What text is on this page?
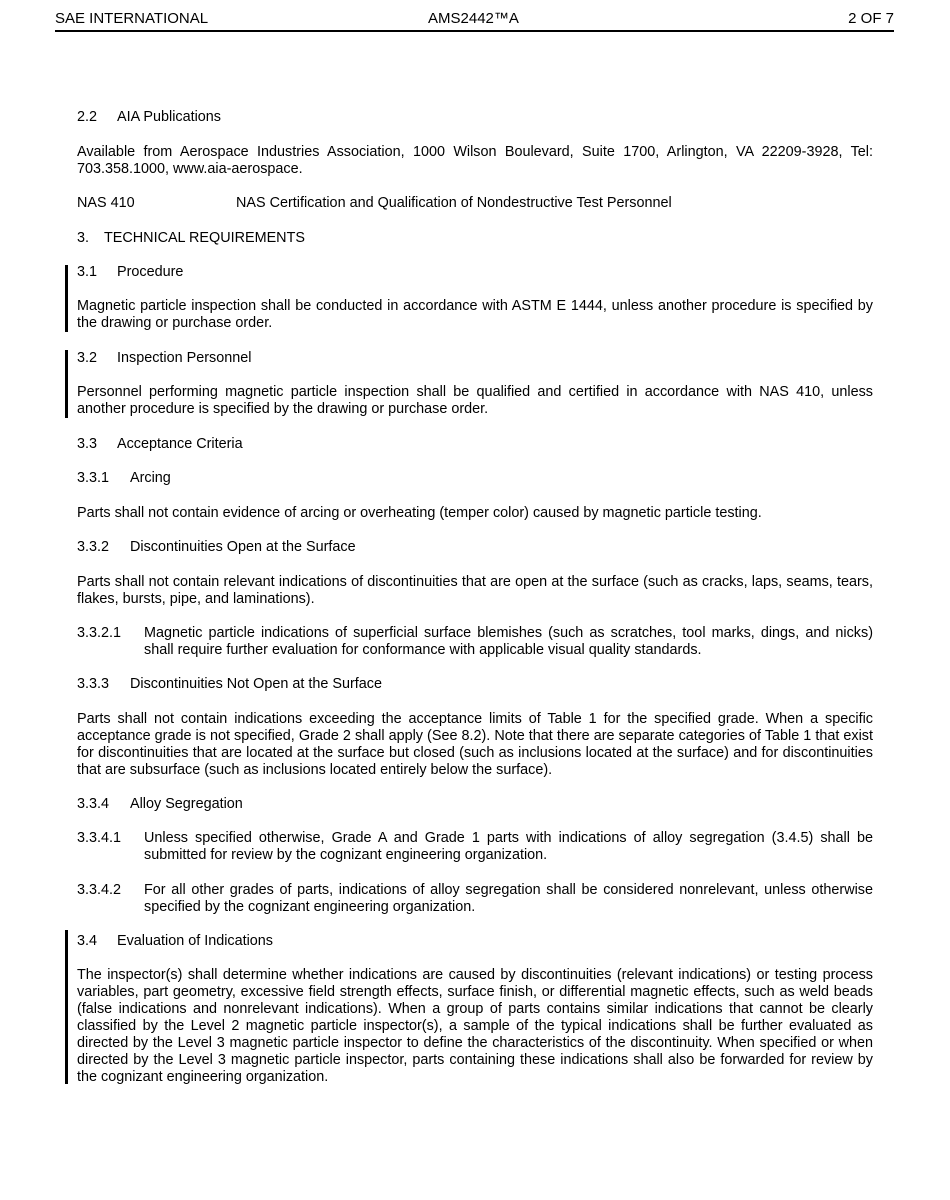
SAE INTERNATIONAL	AMS2442™A	2 OF 7
2.2 AIA Publications
Available from Aerospace Industries Association, 1000 Wilson Boulevard, Suite 1700, Arlington, VA 22209-3928, Tel: 703.358.1000, www.aia-aerospace.
NAS 410	NAS Certification and Qualification of Nondestructive Test Personnel
3. TECHNICAL REQUIREMENTS
3.1 Procedure
Magnetic particle inspection shall be conducted in accordance with ASTM E 1444, unless another procedure is specified by the drawing or purchase order.
3.2 Inspection Personnel
Personnel performing magnetic particle inspection shall be qualified and certified in accordance with NAS 410, unless another procedure is specified by the drawing or purchase order.
3.3 Acceptance Criteria
3.3.1 Arcing
Parts shall not contain evidence of arcing or overheating (temper color) caused by magnetic particle testing.
3.3.2 Discontinuities Open at the Surface
Parts shall not contain relevant indications of discontinuities that are open at the surface (such as cracks, laps, seams, tears, flakes, bursts, pipe, and laminations).
3.3.2.1 Magnetic particle indications of superficial surface blemishes (such as scratches, tool marks, dings, and nicks) shall require further evaluation for conformance with applicable visual quality standards.
3.3.3 Discontinuities Not Open at the Surface
Parts shall not contain indications exceeding the acceptance limits of Table 1 for the specified grade. When a specific acceptance grade is not specified, Grade 2 shall apply (See 8.2). Note that there are separate categories of Table 1 that exist for discontinuities that are located at the surface but closed (such as inclusions located at the surface) and for discontinuities that are subsurface (such as inclusions located entirely below the surface).
3.3.4 Alloy Segregation
3.3.4.1 Unless specified otherwise, Grade A and Grade 1 parts with indications of alloy segregation (3.4.5) shall be submitted for review by the cognizant engineering organization.
3.3.4.2 For all other grades of parts, indications of alloy segregation shall be considered nonrelevant, unless otherwise specified by the cognizant engineering organization.
3.4 Evaluation of Indications
The inspector(s) shall determine whether indications are caused by discontinuities (relevant indications) or testing process variables, part geometry, excessive field strength effects, surface finish, or differential magnetic effects, such as weld beads (false indications and nonrelevant indications). When a group of parts contains similar indications that cannot be clearly classified by the Level 2 magnetic particle inspector(s), a sample of the typical indications shall be further evaluated as directed by the Level 3 magnetic particle inspector to define the characteristics of the discontinuity. When specified or when directed by the Level 3 magnetic particle inspector, parts containing these indications shall also be forwarded for review by the cognizant engineering organization.
